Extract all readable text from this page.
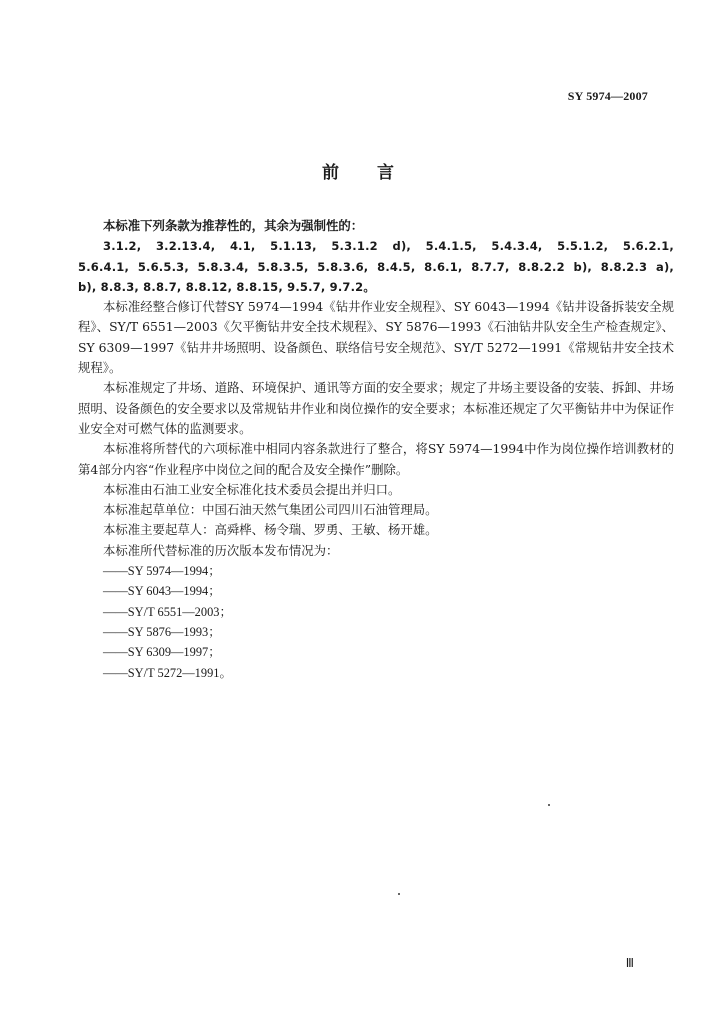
SY 5974—2007
前 言

本标准下列条款为推荐性的，其余为强制性的：

3.1.2, 3.2.13.4, 4.1, 5.1.13, 5.3.1.2 d), 5.4.1.5, 5.4.3.4, 5.5.1.2, 5.6.2.1,
5.6.4.1, 5.6.5.3, 5.8.3.4, 5.8.3.5, 5.8.3.6, 8.4.5, 8.6.1, 8.7.7, 8.8.2.2 b), 8.8.2.3 a),
b), 8.8.3, 8.8.7, 8.8.12, 8.8.15, 9.5.7, 9.7.2。

本标准经整合修订代替SY 5974—1994《钻井作业安全规程》、SY 6043—1994《钻井设备拆装安全规程》、SY/T 6551—2003《欠平衡钻井安全技术规程》、SY 5876—1993《石油钻井队安全生产检查规定》、SY 6309—1997《钻井井场照明、设备颜色、联络信号安全规范》、SY/T 5272—1991《常规钻井安全技术规程》。

本标准规定了井场、道路、环境保护、通讯等方面的安全要求；规定了井场主要设备的安装、拆卸、井场照明、设备颜色的安全要求以及常规钻井作业和岗位操作的安全要求；本标准还规定了欠平衡钻井中为保证作业安全对可燃气体的监测要求。

本标准将所替代的六项标准中相同内容条款进行了整合，将SY 5974—1994中作为岗位操作培训教材的第4部分内容“作业程序中岗位之间的配合及安全操作”删除。

本标准由石油工业安全标准化技术委员会提出并归口。

本标准起草单位：中国石油天然气集团公司四川石油管理局。

本标准主要起草人：高舜桦、杨令瑞、罗勇、王敏、杨开雄。

本标准所代替标准的历次版本发布情况为：

——SY 5974—1994；
——SY 6043—1994；
——SY/T 6551—2003；
——SY 5876—1993；
——SY 6309—1997；
——SY/T 5272—1991。
Ⅲ
